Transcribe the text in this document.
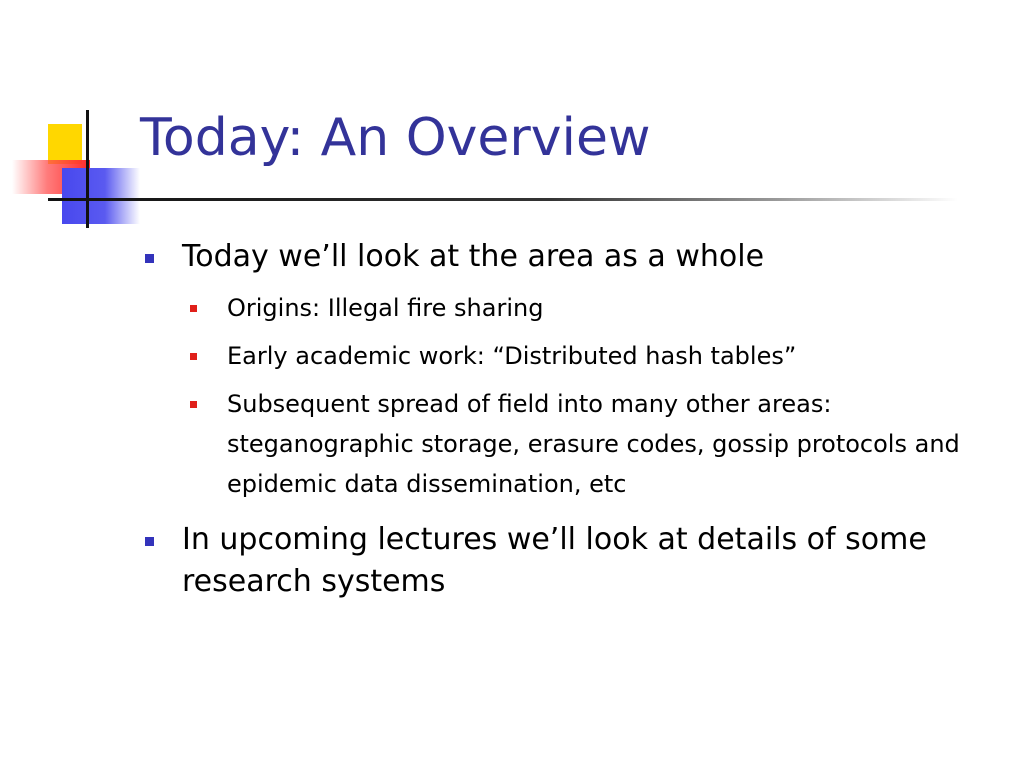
Today: An Overview
Today we’ll look at the area as a whole
Origins: Illegal fire sharing
Early academic work: “Distributed hash tables”
Subsequent spread of field into many other areas: steganographic storage, erasure codes, gossip protocols and epidemic data dissemination, etc
In upcoming lectures we’ll look at details of some research systems
